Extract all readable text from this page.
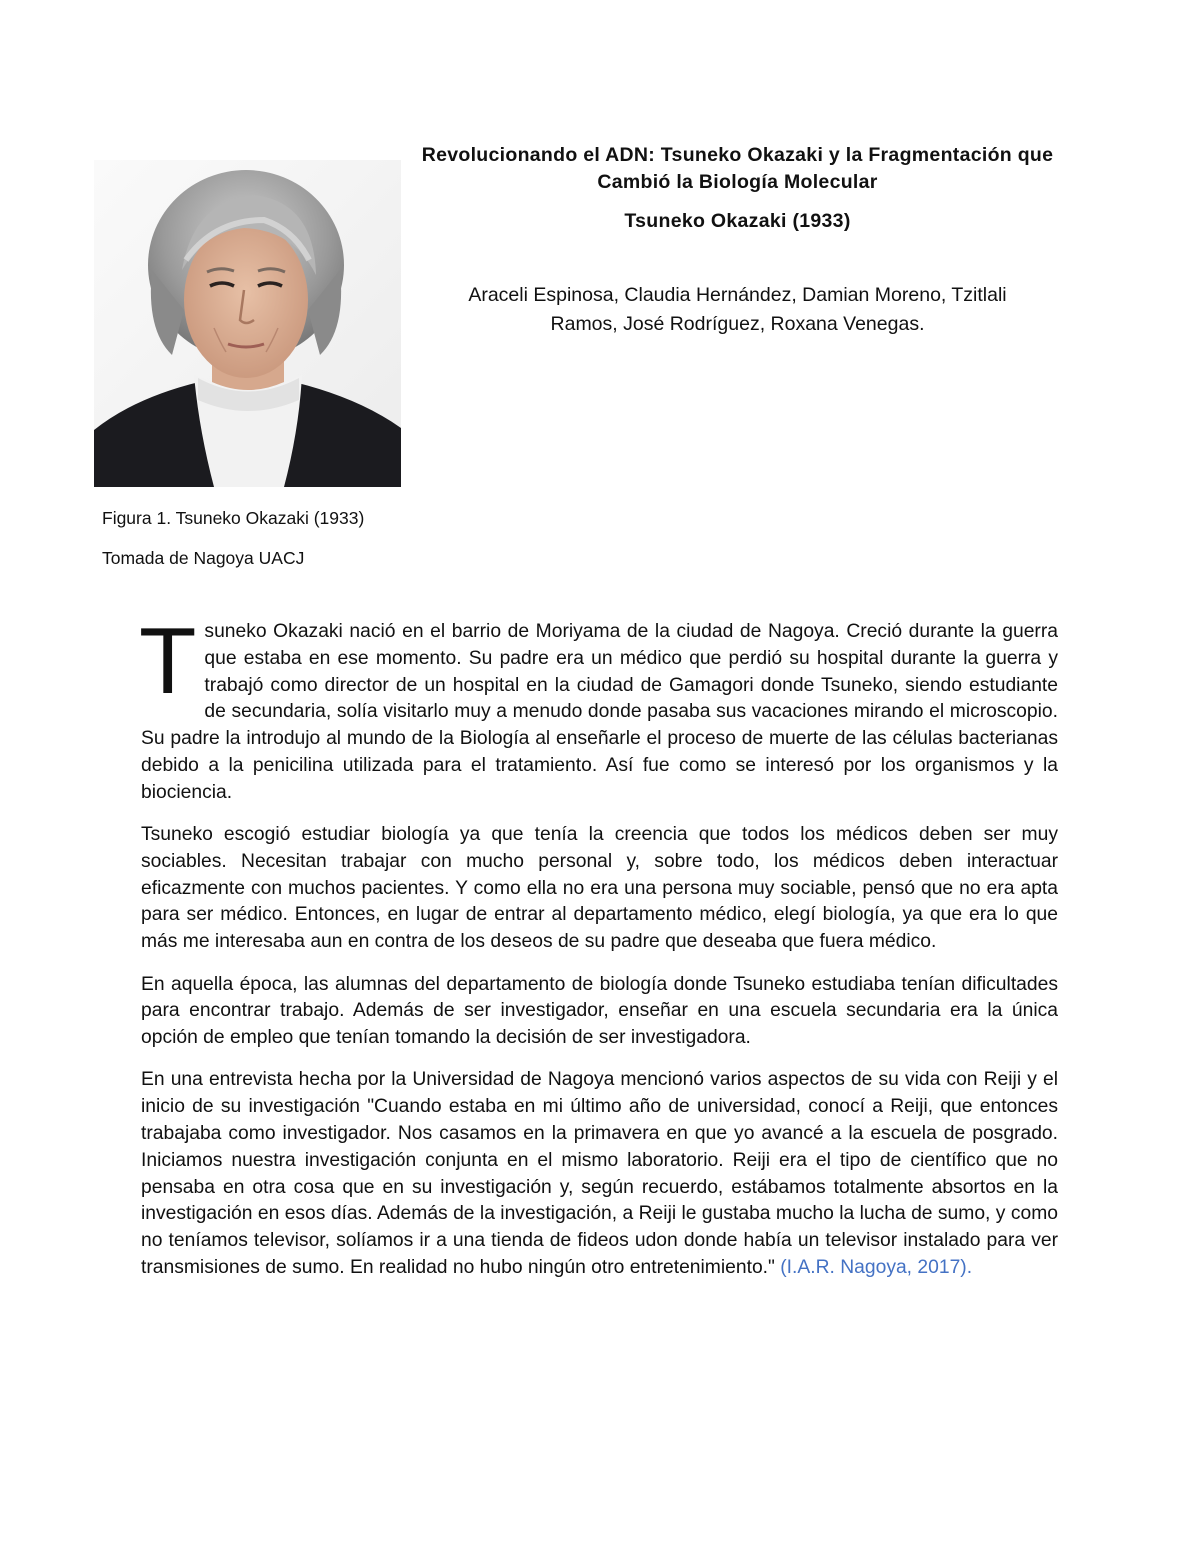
Figura 1. Tsuneko Okazaki (1933)
Tomada de Nagoya UACJ

Revolucionando el ADN: Tsuneko Okazaki y la Fragmentación que Cambió la Biología Molecular

Tsuneko Okazaki (1933)

Araceli Espinosa, Claudia Hernández, Damian Moreno, Tzitlali Ramos, José Rodríguez, Roxana Venegas.

Tsuneko Okazaki nació en el barrio de Moriyama de la ciudad de Nagoya. Creció durante la guerra que estaba en ese momento. Su padre era un médico que perdió su hospital durante la guerra y trabajó como director de un hospital en la ciudad de Gamagori donde Tsuneko, siendo estudiante de secundaria, solía visitarlo muy a menudo donde pasaba sus vacaciones mirando el microscopio. Su padre la introdujo al mundo de la Biología al enseñarle el proceso de muerte de las células bacterianas debido a la penicilina utilizada para el tratamiento. Así fue como se interesó por los organismos y la biociencia.

Tsuneko escogió estudiar biología ya que tenía la creencia que todos los médicos deben ser muy sociables. Necesitan trabajar con mucho personal y, sobre todo, los médicos deben interactuar eficazmente con muchos pacientes. Y como ella no era una persona muy sociable, pensó que no era apta para ser médico. Entonces, en lugar de entrar al departamento médico, elegí biología, ya que era lo que más me interesaba aun en contra de los deseos de su padre que deseaba que fuera médico.

En aquella época, las alumnas del departamento de biología donde Tsuneko estudiaba tenían dificultades para encontrar trabajo. Además de ser investigador, enseñar en una escuela secundaria era la única opción de empleo que tenían tomando la decisión de ser investigadora.

En una entrevista hecha por la Universidad de Nagoya mencionó varios aspectos de su vida con Reiji y el inicio de su investigación "Cuando estaba en mi último año de universidad, conocí a Reiji, que entonces trabajaba como investigador. Nos casamos en la primavera en que yo avancé a la escuela de posgrado. Iniciamos nuestra investigación conjunta en el mismo laboratorio. Reiji era el tipo de científico que no pensaba en otra cosa que en su investigación y, según recuerdo, estábamos totalmente absortos en la investigación en esos días. Además de la investigación, a Reiji le gustaba mucho la lucha de sumo, y como no teníamos televisor, solíamos ir a una tienda de fideos udon donde había un televisor instalado para ver transmisiones de sumo. En realidad no hubo ningún otro entretenimiento." (I.A.R. Nagoya, 2017).
